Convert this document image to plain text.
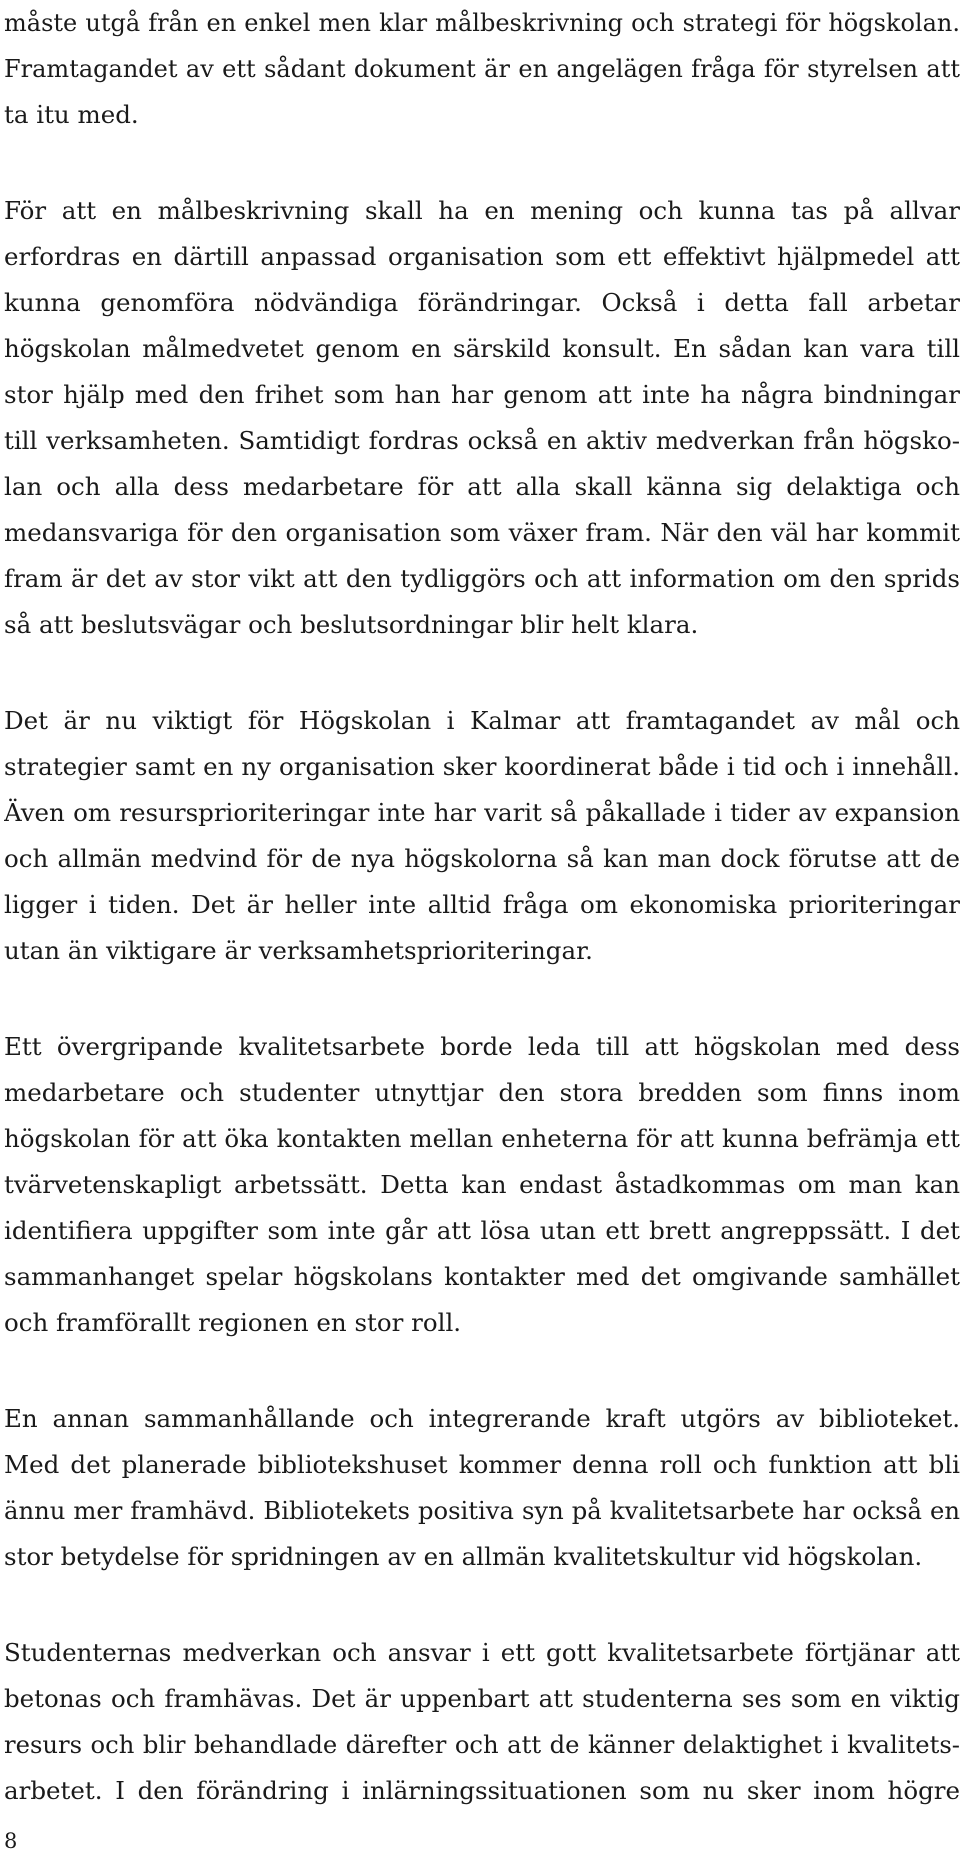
måste utgå från en enkel men klar målbeskrivning och strategi för högskolan.
Framtagandet av ett sådant dokument är en angelägen fråga för styrelsen att
ta itu med.
För att en målbeskrivning skall ha en mening och kunna tas på allvar
erfordras en därtill anpassad organisation som ett effektivt hjälpmedel att
kunna genomföra nödvändiga förändringar. Också i detta fall arbetar
högskolan målmedvetet genom en särskild konsult. En sådan kan vara till
stor hjälp med den frihet som han har genom att inte ha några bindningar
till verksamheten. Samtidigt fordras också en aktiv medverkan från högsko-
lan och alla dess medarbetare för att alla skall känna sig delaktiga och
medansvariga för den organisation som växer fram. När den väl har kommit
fram är det av stor vikt att den tydliggörs och att information om den sprids
så att beslutsvägar och beslutsordningar blir helt klara.
Det är nu viktigt för Högskolan i Kalmar att framtagandet av mål och
strategier samt en ny organisation sker koordinerat både i tid och i innehåll.
Även om resursprioriteringar inte har varit så påkallade i tider av expansion
och allmän medvind för de nya högskolorna så kan man dock förutse att de
ligger i tiden. Det är heller inte alltid fråga om ekonomiska prioriteringar
utan än viktigare är verksamhetsprioriteringar.
Ett övergripande kvalitetsarbete borde leda till att högskolan med dess
medarbetare och studenter utnyttjar den stora bredden som finns inom
högskolan för att öka kontakten mellan enheterna för att kunna befrämja ett
tvärvetenskapligt arbetssätt. Detta kan endast åstadkommas om man kan
identifiera uppgifter som inte går att lösa utan ett brett angreppssätt. I det
sammanhanget spelar högskolans kontakter med det omgivande samhället
och framförallt regionen en stor roll.
En annan sammanhållande och integrerande kraft utgörs av biblioteket.
Med det planerade bibliotekshuset kommer denna roll och funktion att bli
ännu mer framhävd. Bibliotekets positiva syn på kvalitetsarbete har också en
stor betydelse för spridningen av en allmän kvalitetskultur vid högskolan.
Studenternas medverkan och ansvar i ett gott kvalitetsarbete förtjänar att
betonas och framhävas. Det är uppenbart att studenterna ses som en viktig
resurs och blir behandlade därefter och att de känner delaktighet i kvalitets-
arbetet. I den förändring i inlärningssituationen som nu sker inom högre
8
